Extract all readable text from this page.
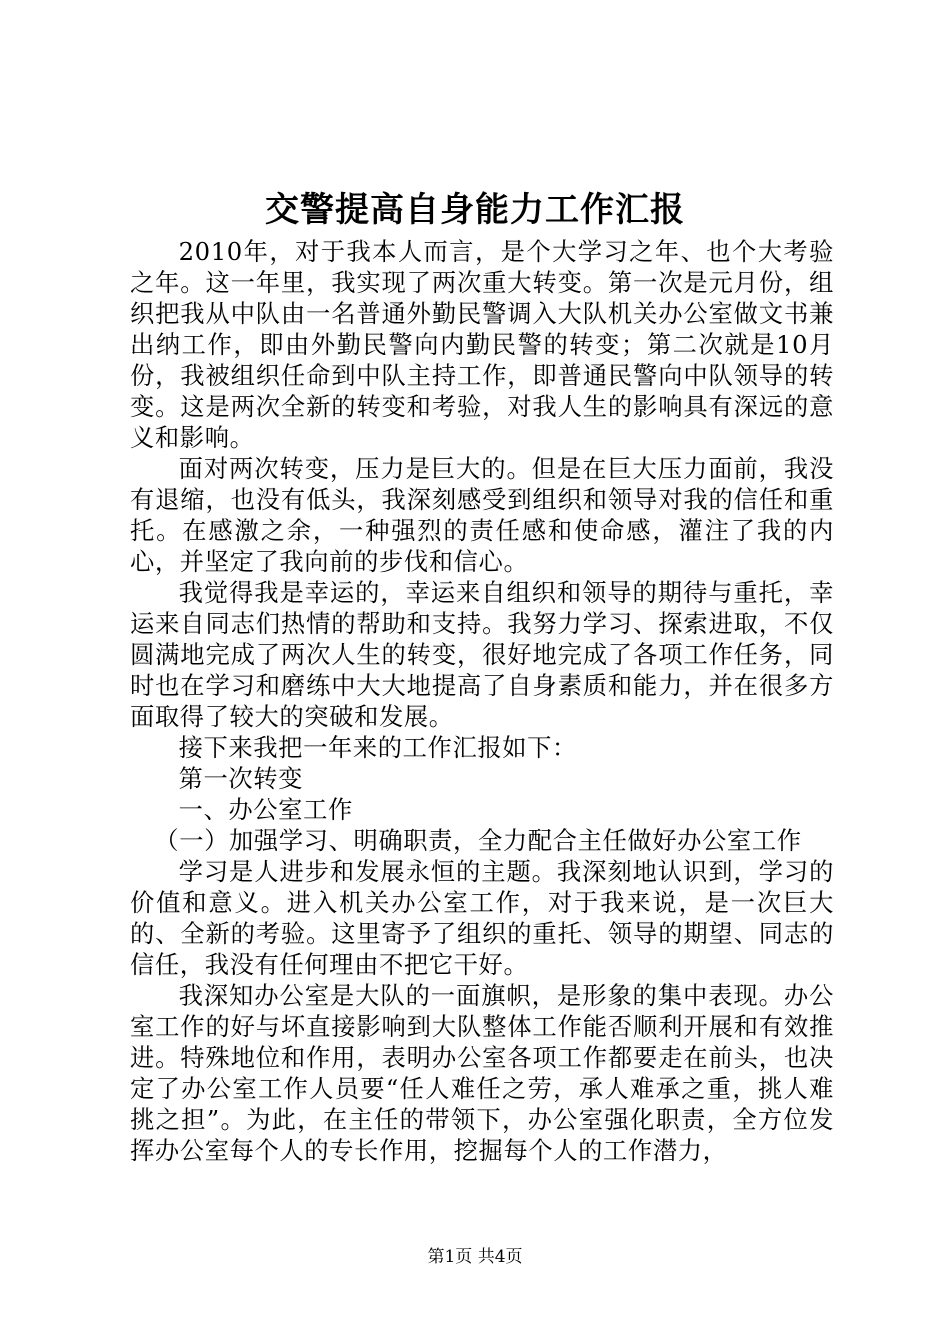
交警提高自身能力工作汇报

2010年，对于我本人而言，是个大学习之年、也个大考验之年。这一年里，我实现了两次重大转变。第一次是元月份，组织把我从中队由一名普通外勤民警调入大队机关办公室做文书兼出纳工作，即由外勤民警向内勤民警的转变；第二次就是10月份，我被组织任命到中队主持工作，即普通民警向中队领导的转变。这是两次全新的转变和考验，对我人生的影响具有深远的意义和影响。

面对两次转变，压力是巨大的。但是在巨大压力面前，我没有退缩，也没有低头，我深刻感受到组织和领导对我的信任和重托。在感激之余，一种强烈的责任感和使命感，灌注了我的内心，并坚定了我向前的步伐和信心。

我觉得我是幸运的，幸运来自组织和领导的期待与重托，幸运来自同志们热情的帮助和支持。我努力学习、探索进取，不仅圆满地完成了两次人生的转变，很好地完成了各项工作任务，同时也在学习和磨练中大大地提高了自身素质和能力，并在很多方面取得了较大的突破和发展。

接下来我把一年来的工作汇报如下：

第一次转变

一、办公室工作

（一）加强学习、明确职责，全力配合主任做好办公室工作

学习是人进步和发展永恒的主题。我深刻地认识到，学习的价值和意义。进入机关办公室工作，对于我来说，是一次巨大的、全新的考验。这里寄予了组织的重托、领导的期望、同志的信任，我没有任何理由不把它干好。

我深知办公室是大队的一面旗帜，是形象的集中表现。办公室工作的好与坏直接影响到大队整体工作能否顺利开展和有效推进。特殊地位和作用，表明办公室各项工作都要走在前头，也决定了办公室工作人员要“任人难任之劳，承人难承之重，挑人难挑之担”。为此，在主任的带领下，办公室强化职责，全方位发挥办公室每个人的专长作用，挖掘每个人的工作潜力，

第1页 共4页
